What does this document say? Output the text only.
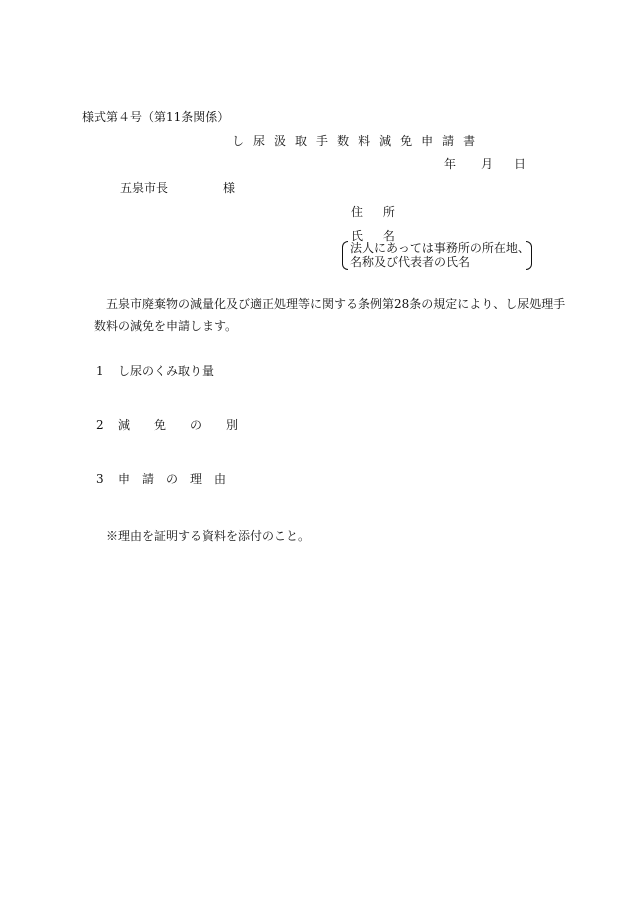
様式第４号（第11条関係）
し 尿 汲 取 手 数 料 減 免 申 請 書
年 月 日
五泉市長	様
住 所
氏 名
法人にあっては事務所の所在地、
名称及び代表者の氏名
五泉市廃棄物の減量化及び適正処理等に関する条例第28条の規定により、し尿処理手
数料の減免を申請します。
1 し尿のくみ取り量
2 減　　免　　の　　別
3 申　請　の　理　由
※理由を証明する資料を添付のこと。
